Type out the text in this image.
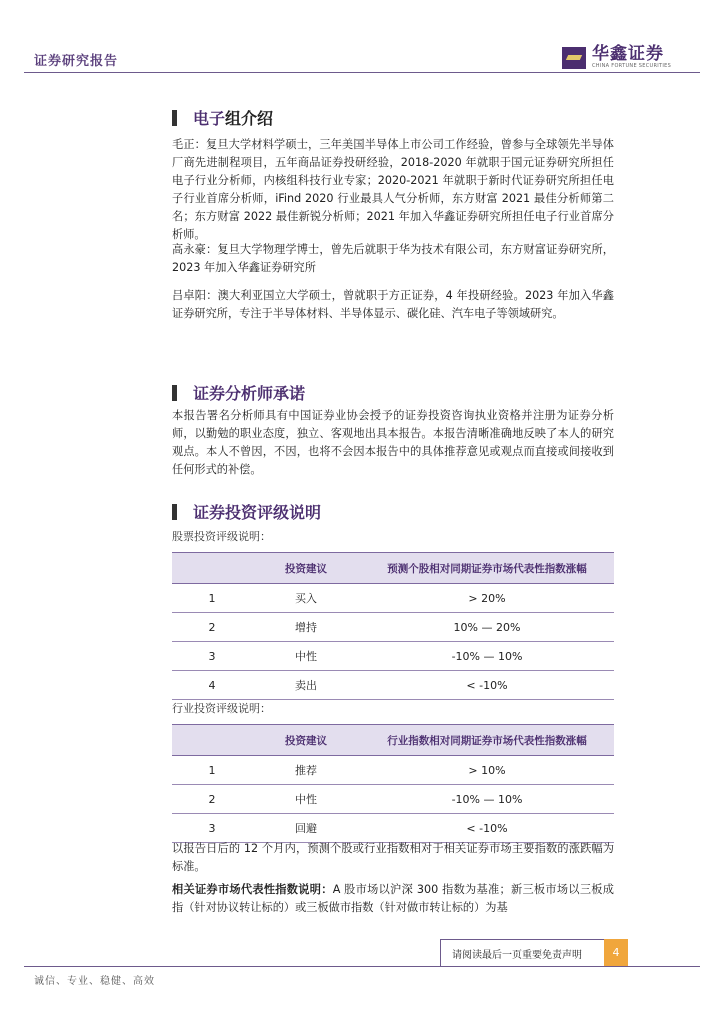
证券研究报告	华鑫证券
CHINA FORTUNE SECURITIES
电子 组介绍
毛正：复旦大学材料学硕士，三年美国半导体上市公司工作经验，曾参与全球领先半导体厂商先进制程项目，五年商品证券投研经验，2018-2020 年就职于国元证券研究所担任电子行业分析师，内核组科技行业专家；2020-2021 年就职于新时代证券研究所担任电子行业首席分析师，iFind 2020 行业最具人气分析师，东方财富 2021 最佳分析师第二名；东方财富 2022 最佳新锐分析师；2021 年加入华鑫证券研究所担任电子行业首席分析师。
高永豪：复旦大学物理学博士，曾先后就职于华为技术有限公司，东方财富证券研究所，2023 年加入华鑫证券研究所
吕卓阳：澳大利亚国立大学硕士，曾就职于方正证券，4 年投研经验。2023 年加入华鑫证券研究所，专注于半导体材料、半导体显示、碳化硅、汽车电子等领域研究。
证券分析师承诺
本报告署名分析师具有中国证券业协会授予的证券投资咨询执业资格并注册为证券分析师，以勤勉的职业态度，独立、客观地出具本报告。本报告清晰准确地反映了本人的研究观点。本人不曾因，不因，也将不会因本报告中的具体推荐意见或观点而直接或间接收到任何形式的补偿。
证券投资评级说明
股票投资评级说明：
	投资建议	预测个股相对同期证券市场代表性指数涨幅
1	买入	> 20%
2	增持	10% — 20%
3	中性	-10% — 10%
4	卖出	< -10%
行业投资评级说明：
	投资建议	行业指数相对同期证券市场代表性指数涨幅
1	推荐	> 10%
2	中性	-10% — 10%
3	回避	< -10%
以报告日后的 12 个月内，预测个股或行业指数相对于相关证券市场主要指数的涨跌幅为标准。
相关证券市场代表性指数说明：A 股市场以沪深 300 指数为基准；新三板市场以三板成指（针对协议转让标的）或三板做市指数（针对做市转让标的）为基
请阅读最后一页重要免责声明	4
诚信、专业、稳健、高效
